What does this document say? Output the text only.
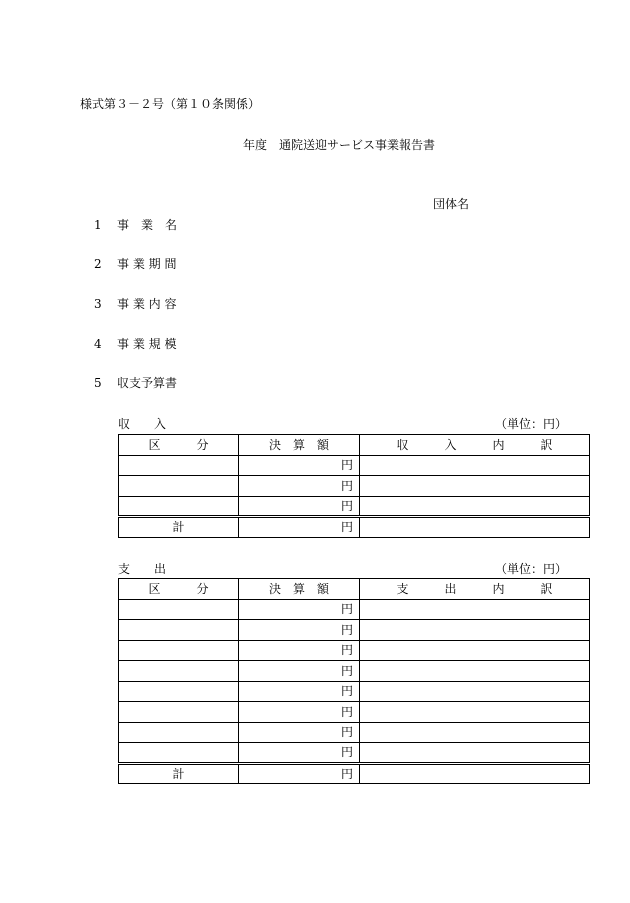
様式第３－２号（第１０条関係）
年度　通院送迎サービス事業報告書
団体名
1 事　業　名
2 事 業 期 間
3 事 業 内 容
4 事 業 規 模
5 収支予算書
収　　入	（単位：円）
区　　　分	決　算　額	収　　　入　　　内　　　訳
	円	
	円	
	円	
計	円	
支　　出	（単位：円）
区　　　分	決　算　額	支　　　出　　　内　　　訳
	円	
	円	
	円	
	円	
	円	
	円	
	円	
	円	
計	円	
